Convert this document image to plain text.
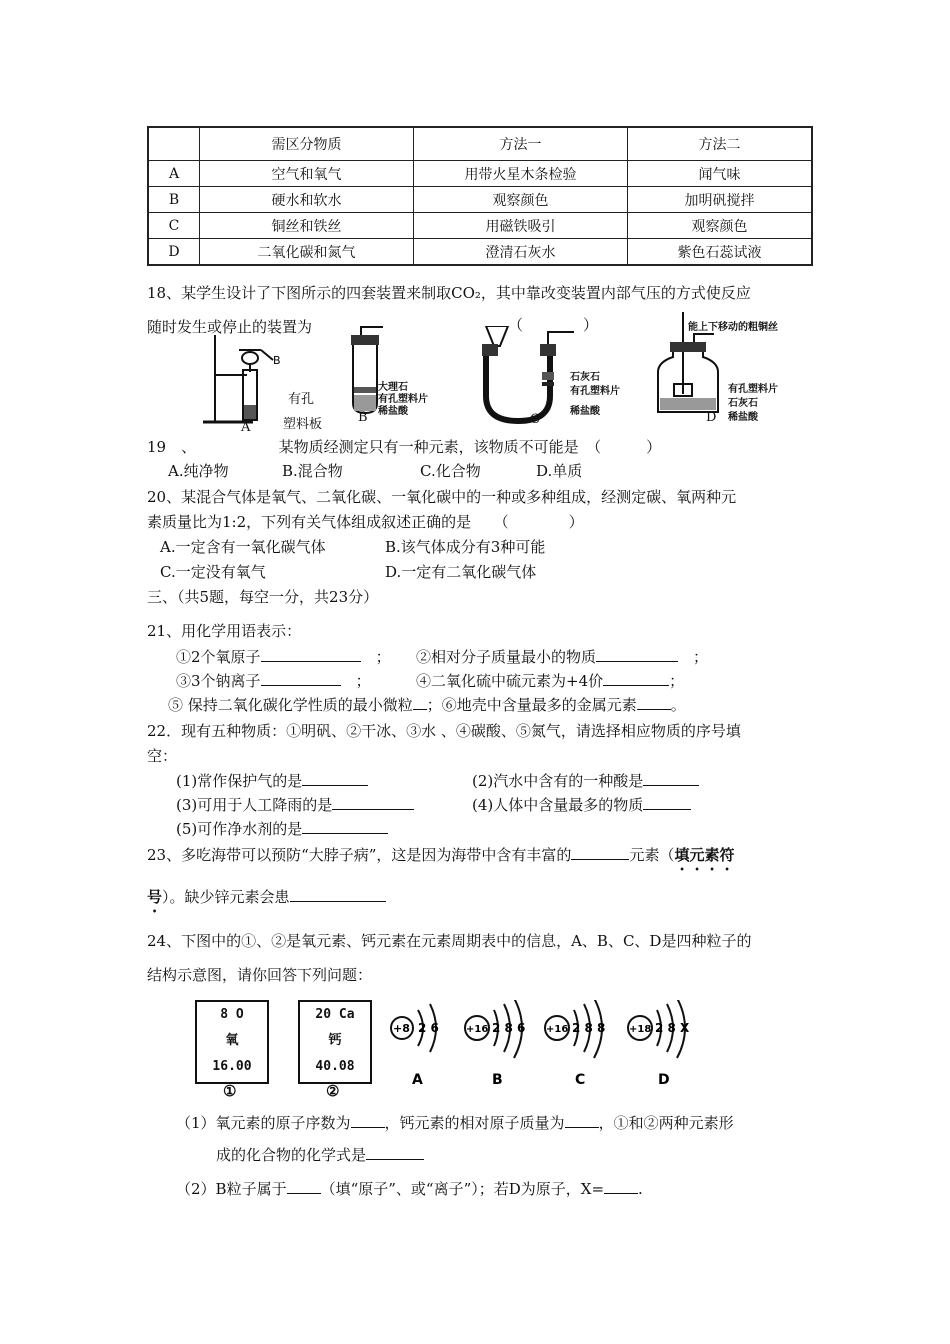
	需区分物质	方法一	方法二
A	空气和氧气	用带火星木条检验	闻气味
B	硬水和软水	观察颜色	加明矾搅拌
C	铜丝和铁丝	用磁铁吸引	观察颜色
D	二氧化碳和氮气	澄清石灰水	紫色石蕊试液
18、某学生设计了下图所示的四套装置来制取CO₂，其中靠改变装置内部气压的方式使反应
随时发生或停止的装置为	（　　　　）
B
有孔
塑料板
A
大理石
有孔塑料片
稀盐酸
B
石灰石
有孔塑料片
稀盐酸
C
能上下移动的粗铜丝
有孔塑料片
石灰石
稀盐酸
D
19　、　　　　　　某物质经测定只有一种元素，该物质不可能是　（　　　）
A.纯净物	B.混合物	C.化合物	D.单质
20、某混合气体是氧气、二氧化碳、一氧化碳中的一种或多种组成，经测定碳、氧两种元
素质量比为1:2，下列有关气体组成叙述正确的是　　（　　　　）
A.一定含有一氧化碳气体	B.该气体成分有3种可能
C.一定没有氧气	D.一定有二氧化碳气体
三、（共5题，每空一分，共23分）
21、用化学用语表示：
①2个氧原子　	； ②相对分子质量最小的物质　	；
③3个钠离子　	；	④二氧化硫中硫元素为+4价	；
⑤ 保持二氧化碳化学性质的最小微粒 ；⑥地壳中含量最多的金属元素 。
22．现有五种物质：①明矾、②干冰、③水 、④碳酸、⑤氮气，请选择相应物质的序号填
空：
(1)常作保护气的是	(2)汽水中含有的一种酸是
(3)可用于人工降雨的是	(4)人体中含量最多的物质
(5)可作净水剂的是
23、多吃海带可以预防“大脖子病”，这是因为海带中含有丰富的	元素（填元素符
号）。缺少锌元素会患
24、下图中的①、②是氧元素、钙元素在元素周期表中的信息，A、B、C、D是四种粒子的
结构示意图，请你回答下列问题：
8 O
氧
16.00
①
20 Ca
钙
40.08
②
+8 2 6
A
+16 2 8 6
B
+16 2 8 8
C
+18 2 8 X
D
（1）氧元素的原子序数为 ，钙元素的相对原子质量为 ，①和②两种元素形
成的化合物的化学式是
（2）B粒子属于 （填“原子”、或“离子”）；若D为原子，X= .
